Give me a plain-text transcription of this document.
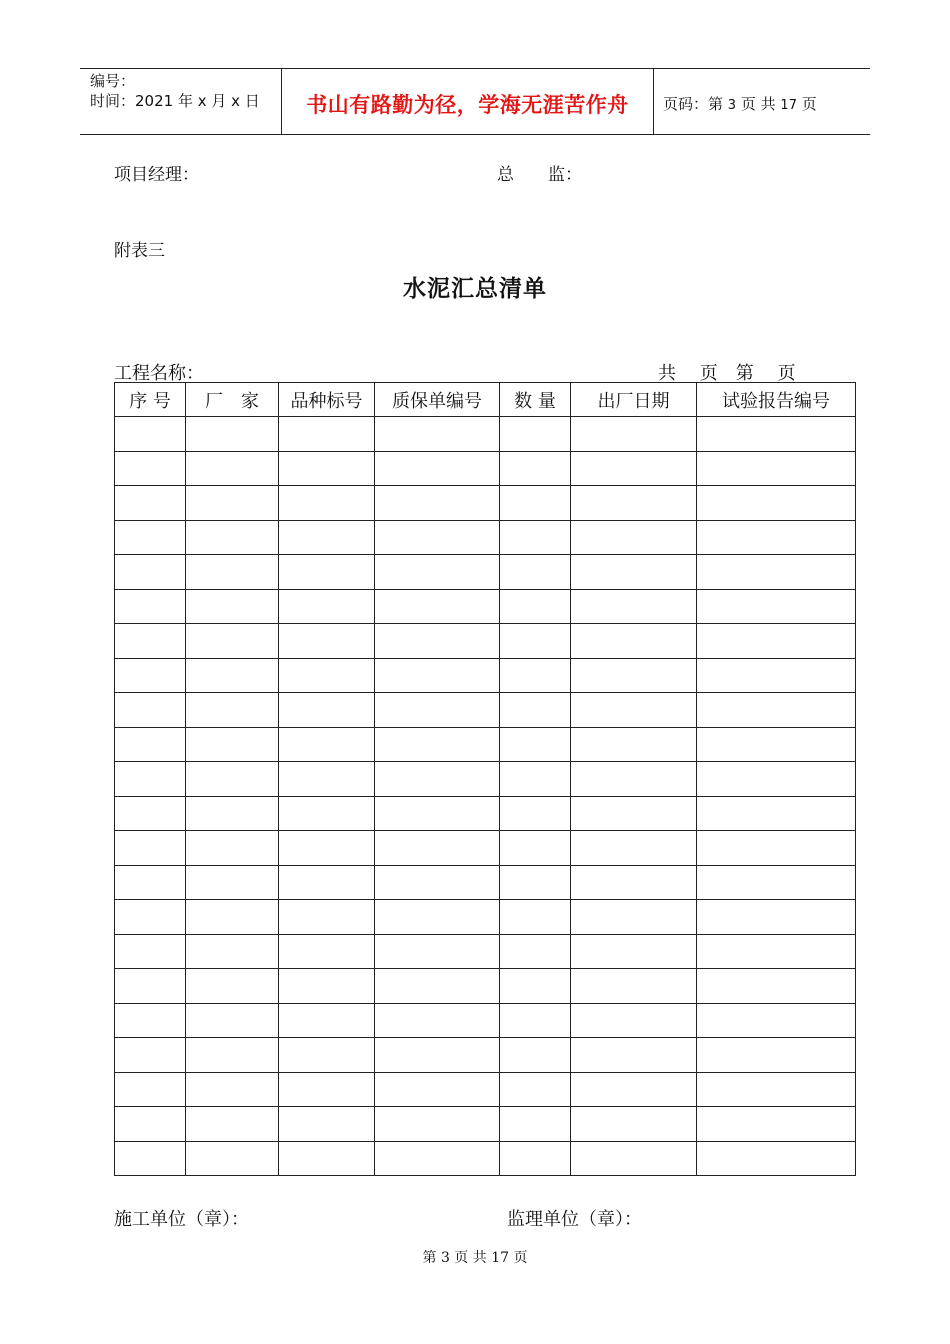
编号：
时间：2021 年 x 月 x 日	书山有路勤为径，学海无涯苦作舟	页码：第 3 页 共 17 页
项目经理：	总　　监：
附表三
水泥汇总清单
工程名称：	共　 页　第　 页
序 号	厂　家	品种标号	质保单编号	数 量	出厂日期	试验报告编号

施工单位（章）：	监理单位（章）：
第 3 页 共 17 页
